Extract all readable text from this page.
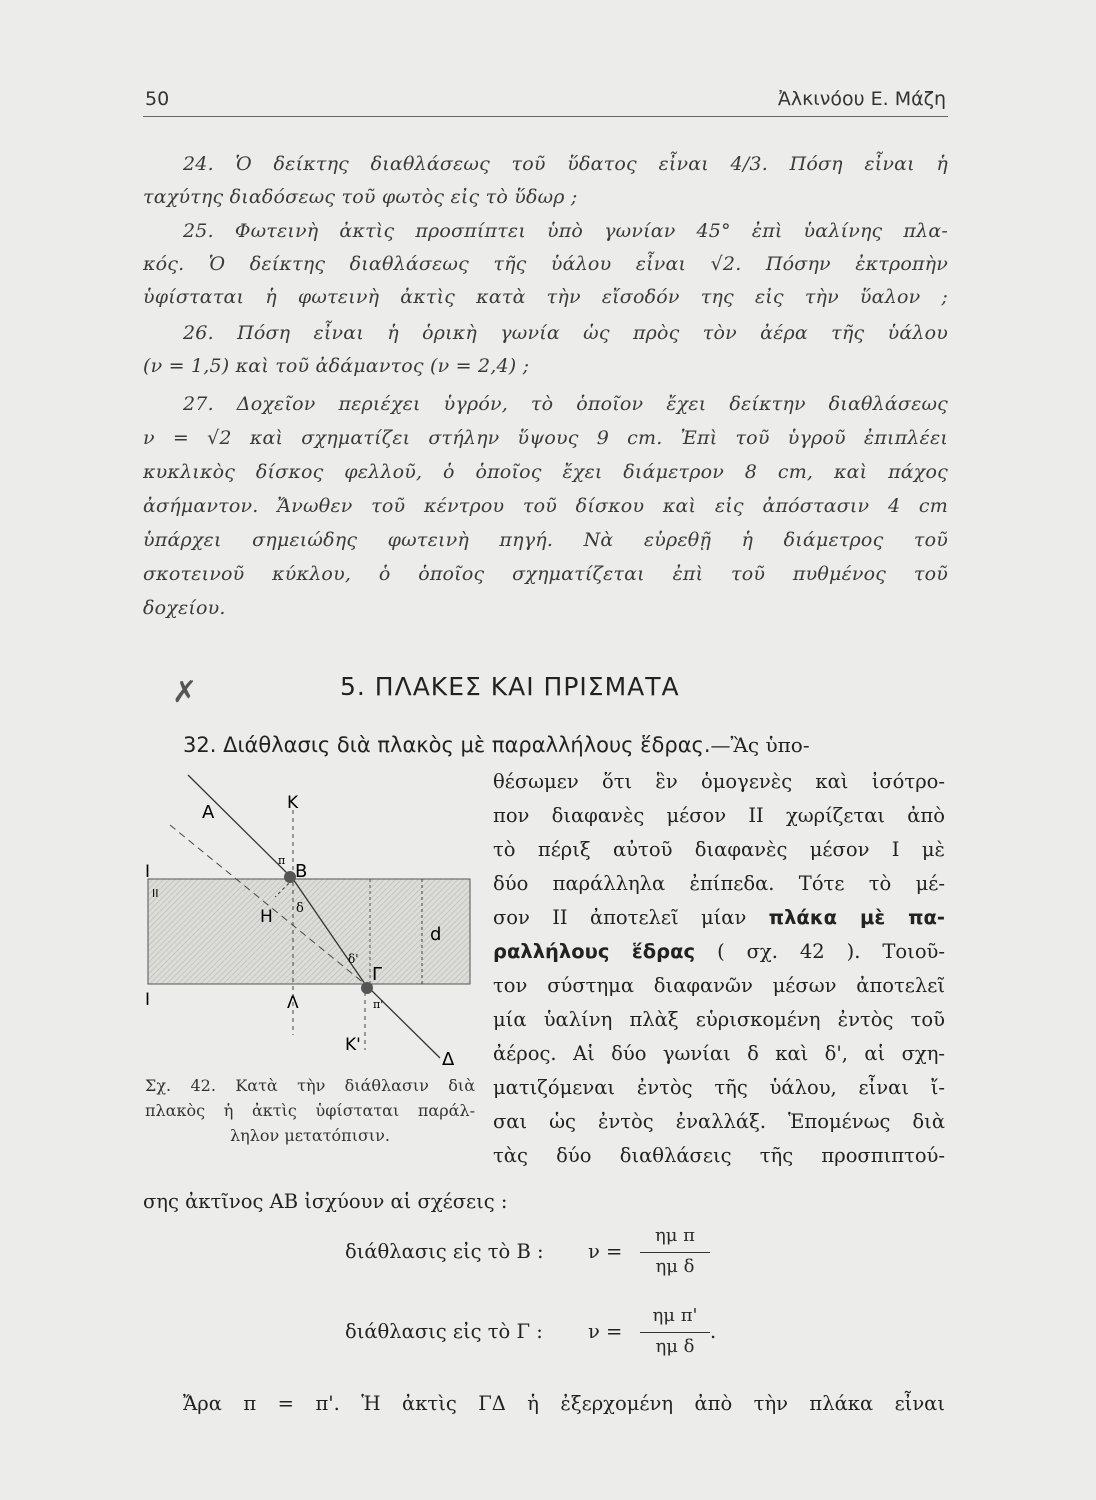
50	Ἀλκινόου Ε. Μάζη
24. Ὁ δείκτης διαθλάσεως τοῦ ὕδατος εἶναι 4/3. Πόση εἶναι ἡ
ταχύτης διαδόσεως τοῦ φωτὸς εἰς τὸ ὕδωρ ;
25. Φωτεινὴ ἀκτὶς προσπίπτει ὑπὸ γωνίαν 45° ἐπὶ ὑαλίνης πλα-
κός. Ὁ δείκτης διαθλάσεως τῆς ὑάλου εἶναι √2. Πόσην ἐκτροπὴν
ὑφίσταται ἡ φωτεινὴ ἀκτὶς κατὰ τὴν εἴσοδόν της εἰς τὴν ὕαλον ;
26. Πόση εἶναι ἡ ὁρικὴ γωνία ὡς πρὸς τὸν ἀέρα τῆς ὑάλου
(ν = 1,5) καὶ τοῦ ἀδάμαντος (ν = 2,4) ;
27. Δοχεῖον περιέχει ὑγρόν, τὸ ὁποῖον ἔχει δείκτην διαθλάσεως
ν = √2 καὶ σχηματίζει στήλην ὕψους 9 cm. Ἐπὶ τοῦ ὑγροῦ ἐπιπλέει
κυκλικὸς δίσκος φελλοῦ, ὁ ὁποῖος ἔχει διάμετρον 8 cm, καὶ πάχος
ἀσήμαντον. Ἄνωθεν τοῦ κέντρου τοῦ δίσκου καὶ εἰς ἀπόστασιν 4 cm
ὑπάρχει σημειώδης φωτεινὴ πηγή. Νὰ εὑρεθῇ ἡ διάμετρος τοῦ
σκοτεινοῦ κύκλου, ὁ ὁποῖος σχηματίζεται ἐπὶ τοῦ πυθμένος τοῦ
δοχείου.
✗	5. ΠΛΑΚΕΣ ΚΑΙ ΠΡΙΣΜΑΤΑ
32. Διάθλασις διὰ πλακὸς μὲ παραλλήλους ἕδρας.—Ἂς ὑπο-
θέσωμεν ὅτι ἓν ὁμογενὲς καὶ ἰσότρο-
πον διαφανὲς μέσον ΙΙ χωρίζεται ἀπὸ
τὸ πέριξ αὐτοῦ διαφανὲς μέσον Ι μὲ
δύο παράλληλα ἐπίπεδα. Τότε τὸ μέ-
σον ΙΙ ἀποτελεῖ μίαν πλάκα μὲ πα-
ραλλήλους ἕδρας ( σχ. 42 ). Τοιοῦ-
τον σύστημα διαφανῶν μέσων ἀποτελεῖ
μία ὑαλίνη πλὰξ εὑρισκομένη ἐντὸς τοῦ
ἀέρος. Αἱ δύο γωνίαι δ καὶ δ', αἱ σχη-
ματιζόμεναι ἐντὸς τῆς ὑάλου, εἶναι ἴ-
σαι ὡς ἐντὸς ἐναλλάξ. Ἑπομένως διὰ
τὰς δύο διαθλάσεις τῆς προσπιπτού-
σης ἀκτῖνος ΑΒ ἰσχύουν αἱ σχέσεις :
Α	Κ
Β
π
Ι
ΙΙ
Η δ
d
δ'
Γ
Ι	Λ	π'
Κ'
Δ
Σχ. 42. Κατὰ τὴν διάθλασιν διὰ
πλακὸς ἡ ἀκτὶς ὑφίσταται παράλ-
ληλον μετατόπισιν.
διάθλασις εἰς τὸ Β : ν =
ημ π
ημ δ
διάθλασις εἰς τὸ Γ : ν =
ημ π'
ημ δ
.
Ἄρα π = π'. Ἡ ἀκτὶς ΓΔ ἡ ἐξερχομένη ἀπὸ τὴν πλάκα εἶναι
